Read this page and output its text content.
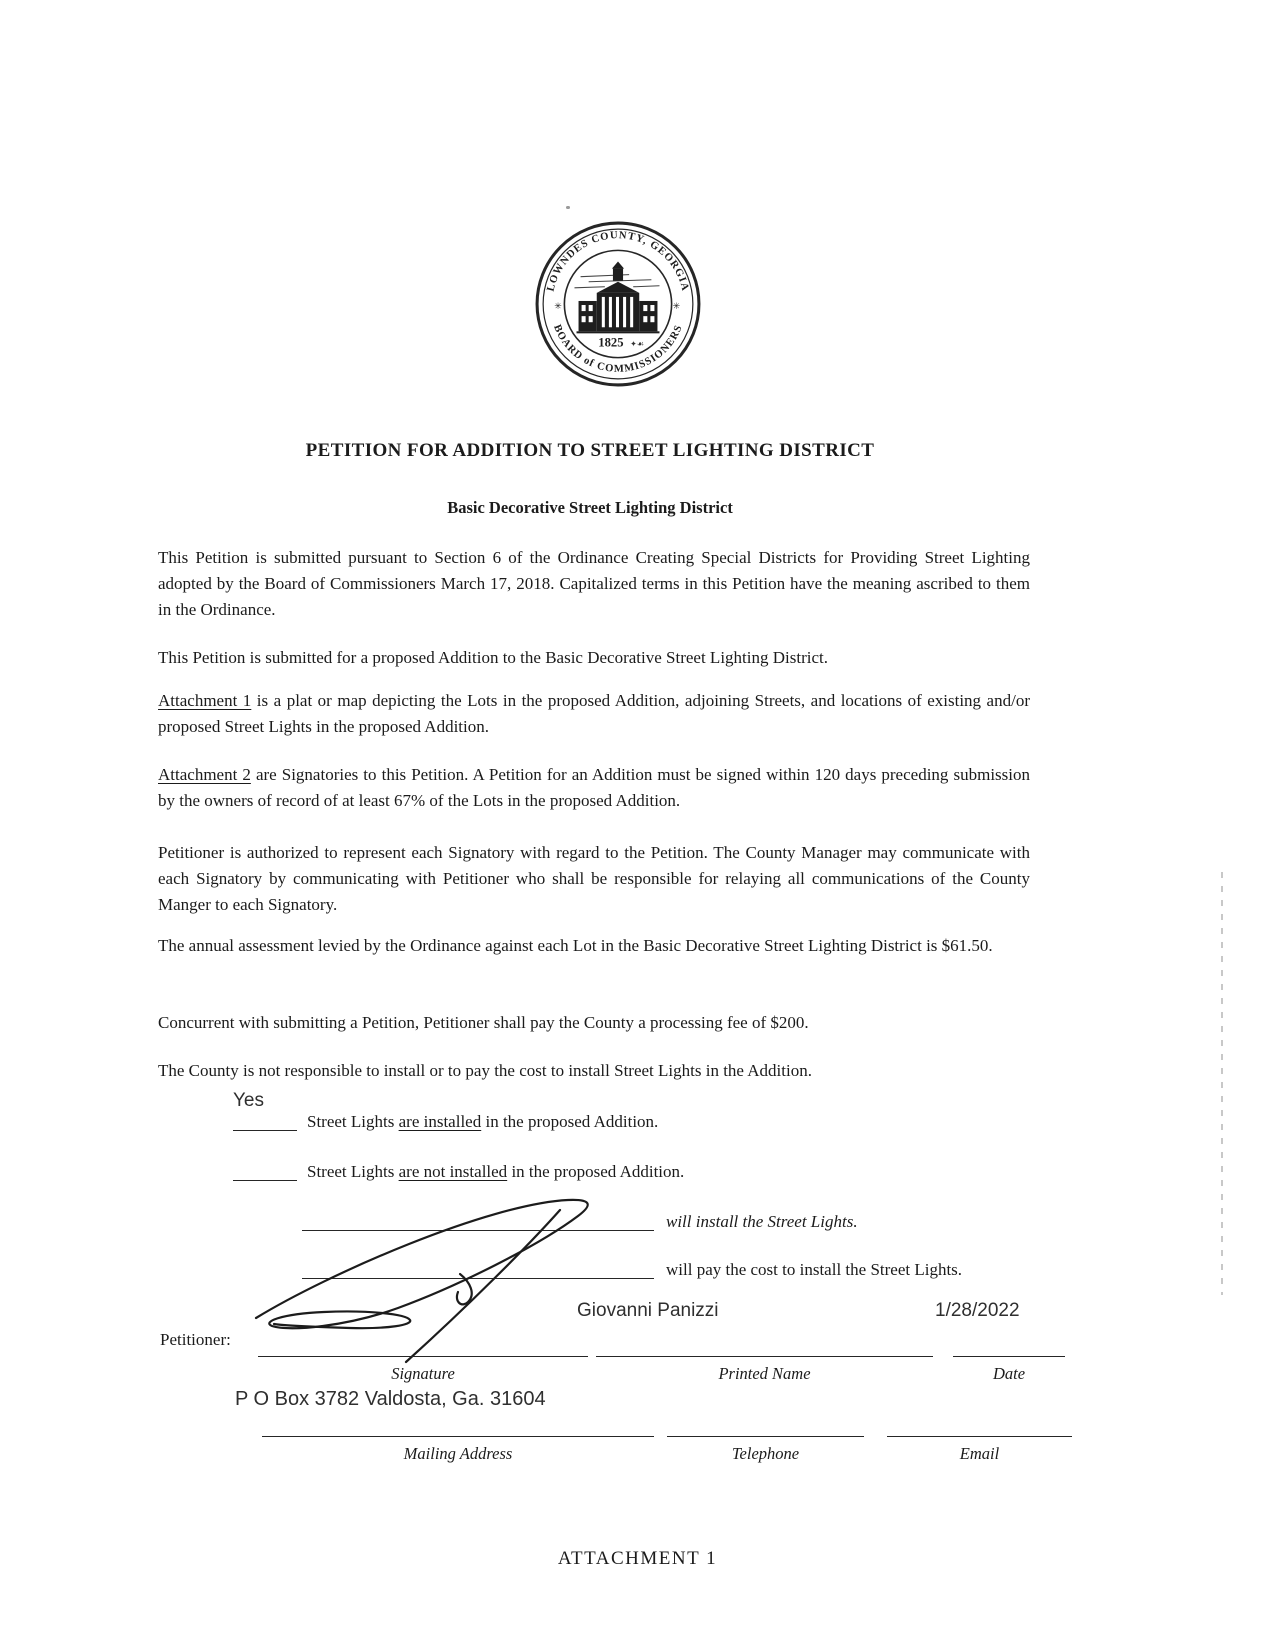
LOWNDES COUNTY, GEORGIA
BOARD of COMMISSIONERS
✳	✳
1825 ✦☙
PETITION FOR ADDITION TO STREET LIGHTING DISTRICT
Basic Decorative Street Lighting District
This Petition is submitted pursuant to Section 6 of the Ordinance Creating Special Districts for Providing Street Lighting adopted by the Board of Commissioners March 17, 2018. Capitalized terms in this Petition have the meaning ascribed to them in the Ordinance.
This Petition is submitted for a proposed Addition to the Basic Decorative Street Lighting District.
Attachment 1 is a plat or map depicting the Lots in the proposed Addition, adjoining Streets, and locations of existing and/or proposed Street Lights in the proposed Addition.
Attachment 2 are Signatories to this Petition. A Petition for an Addition must be signed within 120 days preceding submission by the owners of record of at least 67% of the Lots in the proposed Addition.
Petitioner is authorized to represent each Signatory with regard to the Petition. The County Manager may communicate with each Signatory by communicating with Petitioner who shall be responsible for relaying all communications of the County Manger to each Signatory.
The annual assessment levied by the Ordinance against each Lot in the Basic Decorative Street Lighting District is $61.50.
Concurrent with submitting a Petition, Petitioner shall pay the County a processing fee of $200.
The County is not responsible to install or to pay the cost to install Street Lights in the Addition.
Yes
Street Lights are installed in the proposed Addition.
Street Lights are not installed in the proposed Addition.
will install the Street Lights.
will pay the cost to install the Street Lights.
Giovanni Panizzi	1/28/2022
Petitioner:
Signature	Printed Name	Date
P O Box 3782 Valdosta, Ga. 31604
Mailing Address	Telephone	Email
ATTACHMENT 1
